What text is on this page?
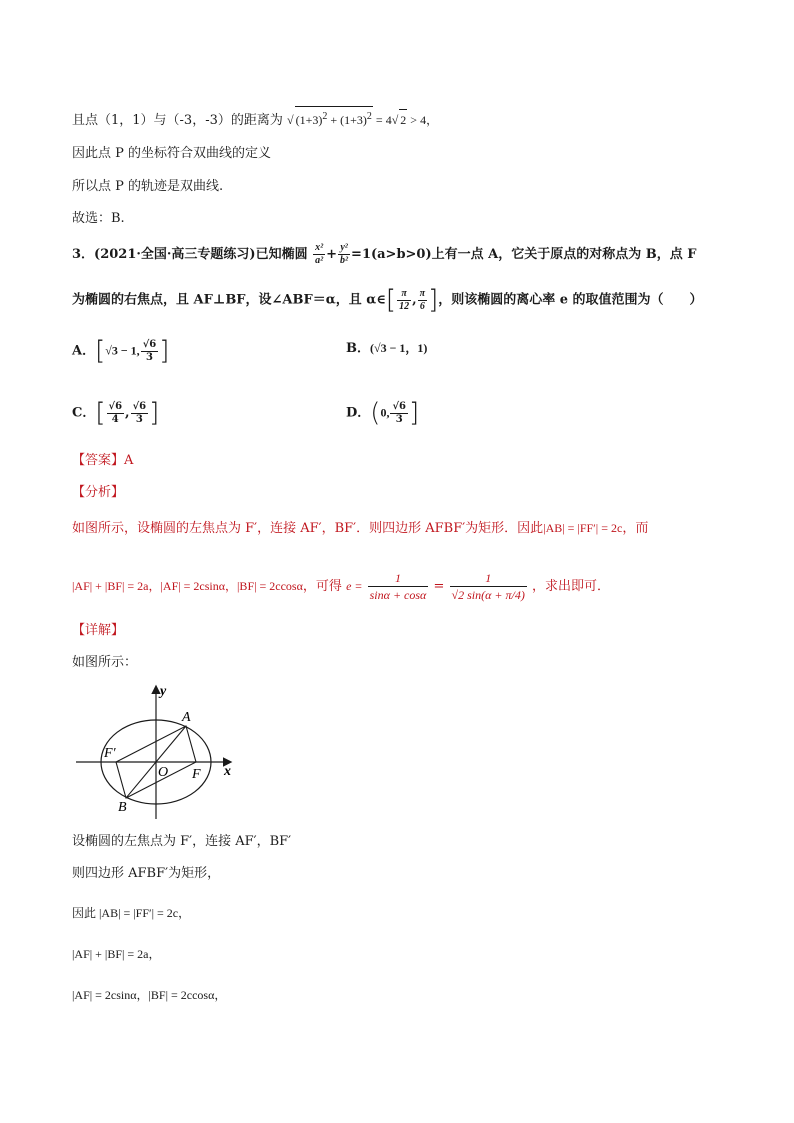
且点（1，1）与（-3，-3）的距离为 √ $(1+3)^2 + (1+3)^2 = 4√$ 2 > 4，
因此点 P 的坐标符合双曲线的定义
所以点 P 的轨迹是双曲线.
故选：B.
3．(2021·全国·高三专题练习)已知椭圆 $\frac{\text{x²}}{\text{a²}} + \frac{\text{y²}}{\text{b²}} =1(a>b>0)$上有一点 A，它关于原点的对称点为 B，点 F
为椭圆的右焦点，且 AF⊥BF，设∠ABF＝α，且 α∈[ $\frac{\pi}{12}$ , $\frac{\pi}{6}$ ]，则该椭圆的离心率 e 的取值范围为（　　）
A．[√3 − 1, $\frac{√6}{3}$ ]	B．(√3 − 1，1)
C．[ $\frac{√6}{4}$ , $\frac{√6}{3}$ ]	D．(0, $\frac{√6}{3}$ ]
【答案】A
【分析】
如图所示，设椭圆的左焦点为 F′，连接 AF′，BF′．则四边形 AFBF′为矩形．因此|AB| = |FF′| = 2c，而
|AF| + |BF| = 2a，|AF| = 2csinα，|BF| = 2ccosα，可得 $e = \frac{1}{\sin\alpha + \cos\alpha} = \frac{1}{√2 \sin(\alpha + \pi/4)}$ ，求出即可．
【详解】
如图所示：
y
x
A
B
O F
F′
设椭圆的左焦点为 F′，连接 AF′，BF′
则四边形 AFBF′为矩形，
因此 |AB| = |FF′| = 2c，
|AF| + |BF| = 2a，
|AF| = 2csinα，|BF| = 2ccosα，
